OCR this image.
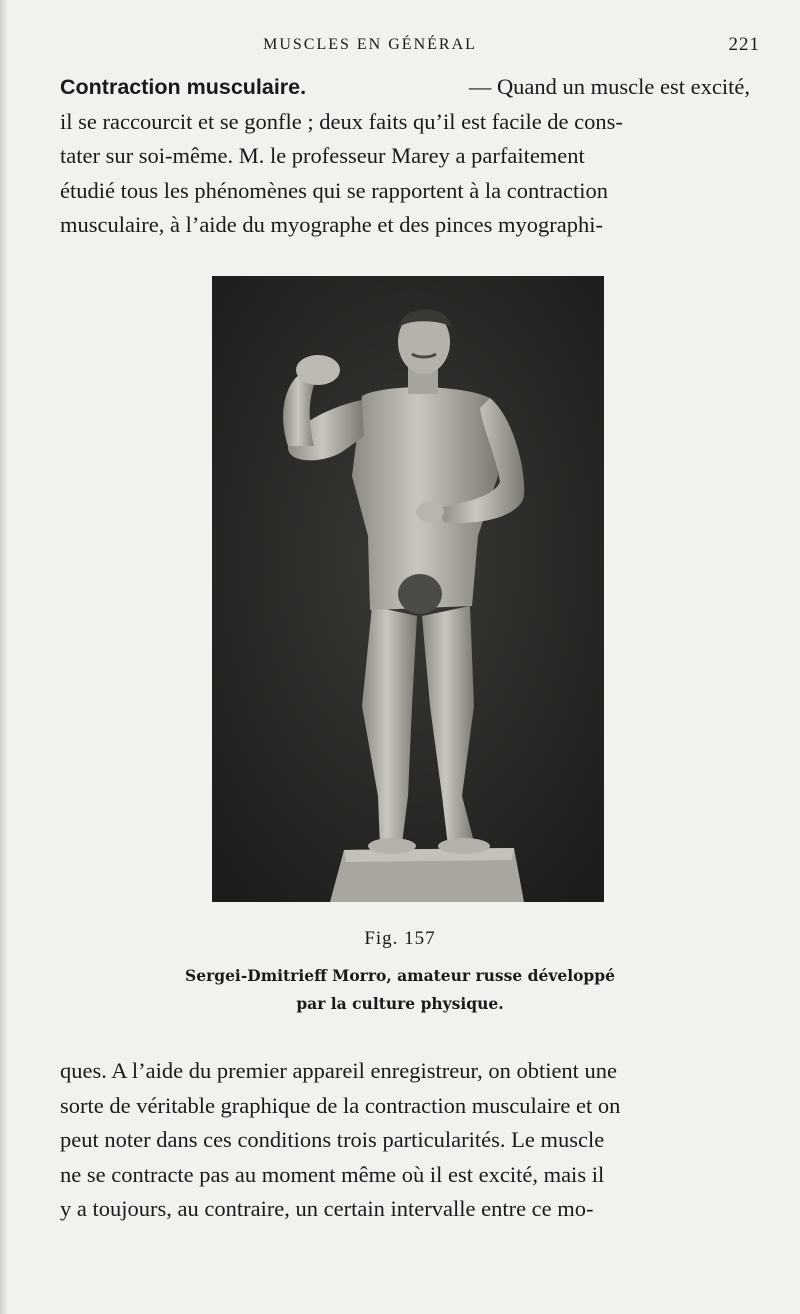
MUSCLES EN GÉNÉRAL	221
Contraction musculaire.	— Quand un muscle est excité,
il se raccourcit et se gonfle ; deux faits qu’il est facile de cons-
tater sur soi-même. M. le professeur Marey a parfaitement
étudié tous les phénomènes qui se rapportent à la contraction
musculaire, à l’aide du myographe et des pinces myographi-
Fig. 157
Sergei-Dmitrieff Morro, amateur russe développé
par la culture physique.
ques. A l’aide du premier appareil enregistreur, on obtient une
sorte de véritable graphique de la contraction musculaire et on
peut noter dans ces conditions trois particularités. Le muscle
ne se contracte pas au moment même où il est excité, mais il
y a toujours, au contraire, un certain intervalle entre ce mo-
